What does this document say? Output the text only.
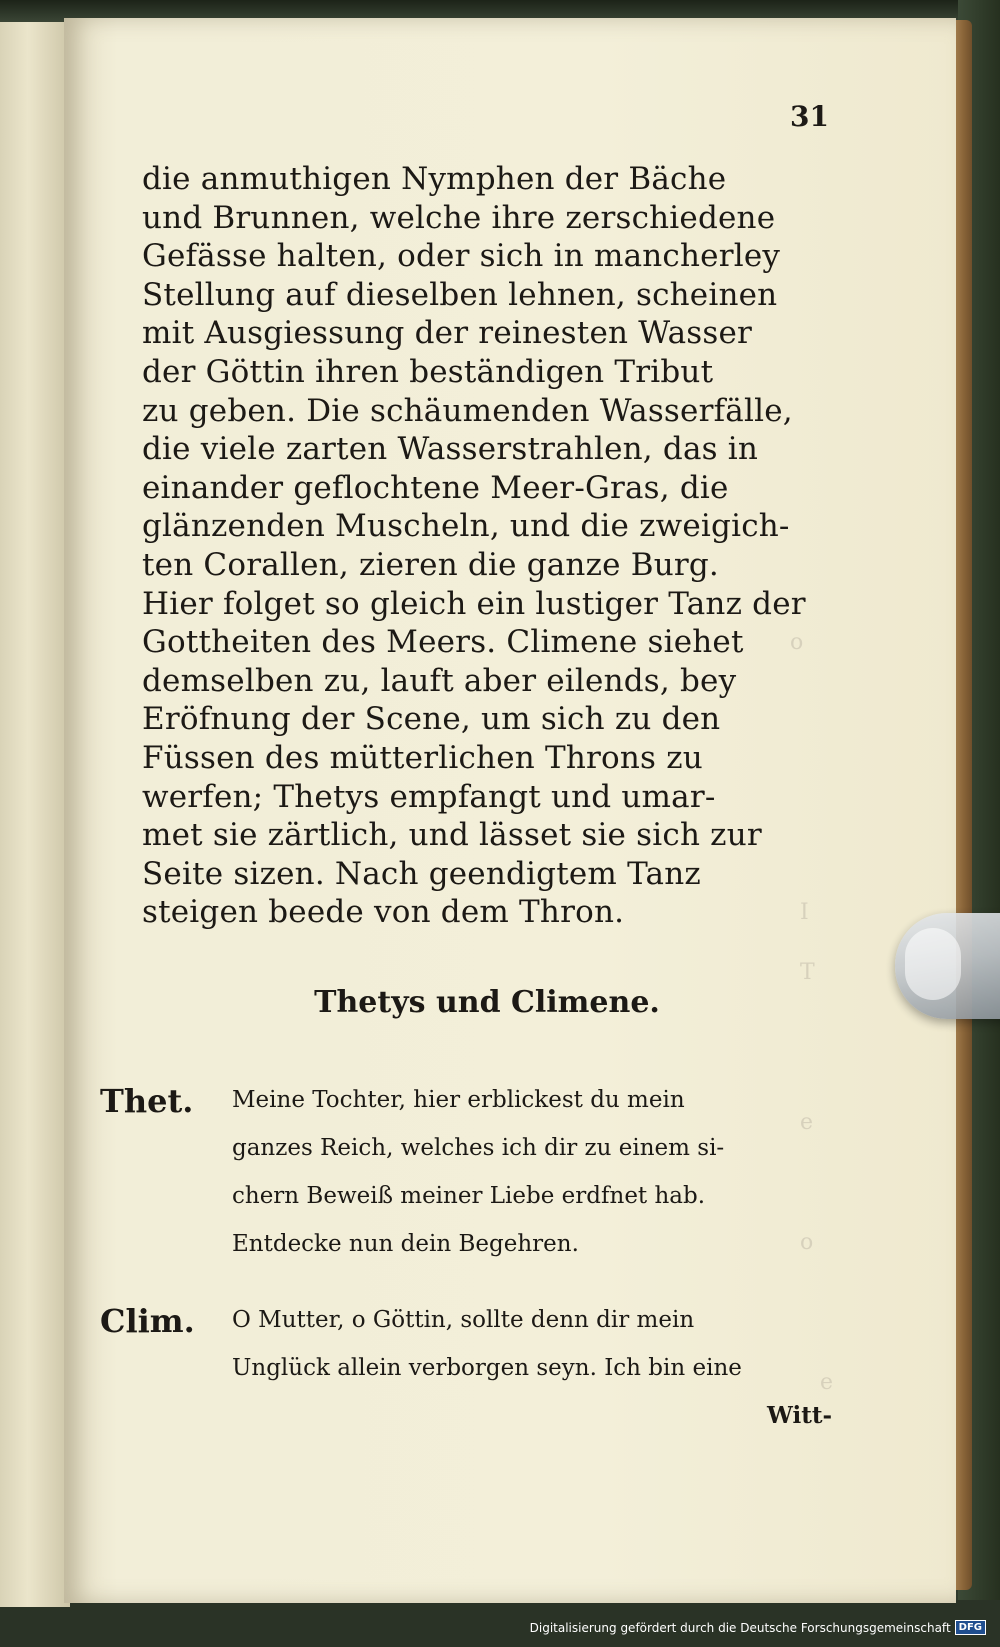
o
I
T
e
o
e
31
die anmuthigen Nymphen der Bäche
und Brunnen, welche ihre zerschiedene
Gefässe halten, oder sich in mancherley
Stellung auf dieselben lehnen, scheinen
mit Ausgiessung der reinesten Wasser
der Göttin ihren beständigen Tribut
zu geben. Die schäumenden Wasserfälle,
die viele zarten Wasserstrahlen, das in
einander geflochtene Meer-Gras, die
glänzenden Muscheln, und die zweigich-
ten Corallen, zieren die ganze Burg.
Hier folget so gleich ein lustiger Tanz der
Gottheiten des Meers. Climene siehet
demselben zu, lauft aber eilends, bey
Eröfnung der Scene, um sich zu den
Füssen des mütterlichen Throns zu
werfen; Thetys empfangt und umar-
met sie zärtlich, und lässet sie sich zur
Seite sizen. Nach geendigtem Tanz
steigen beede von dem Thron.
Thetys und Climene.
Thet. Meine Tochter, hier erblickest du mein
ganzes Reich, welches ich dir zu einem si-
chern Beweiß meiner Liebe erdfnet hab.
Entdecke nun dein Begehren.
Clim. O Mutter, o Göttin, sollte denn dir mein
Unglück allein verborgen seyn. Ich bin eine
Witt-
Digitalisierung gefördert durch die Deutsche Forschungsgemeinschaft DFG
